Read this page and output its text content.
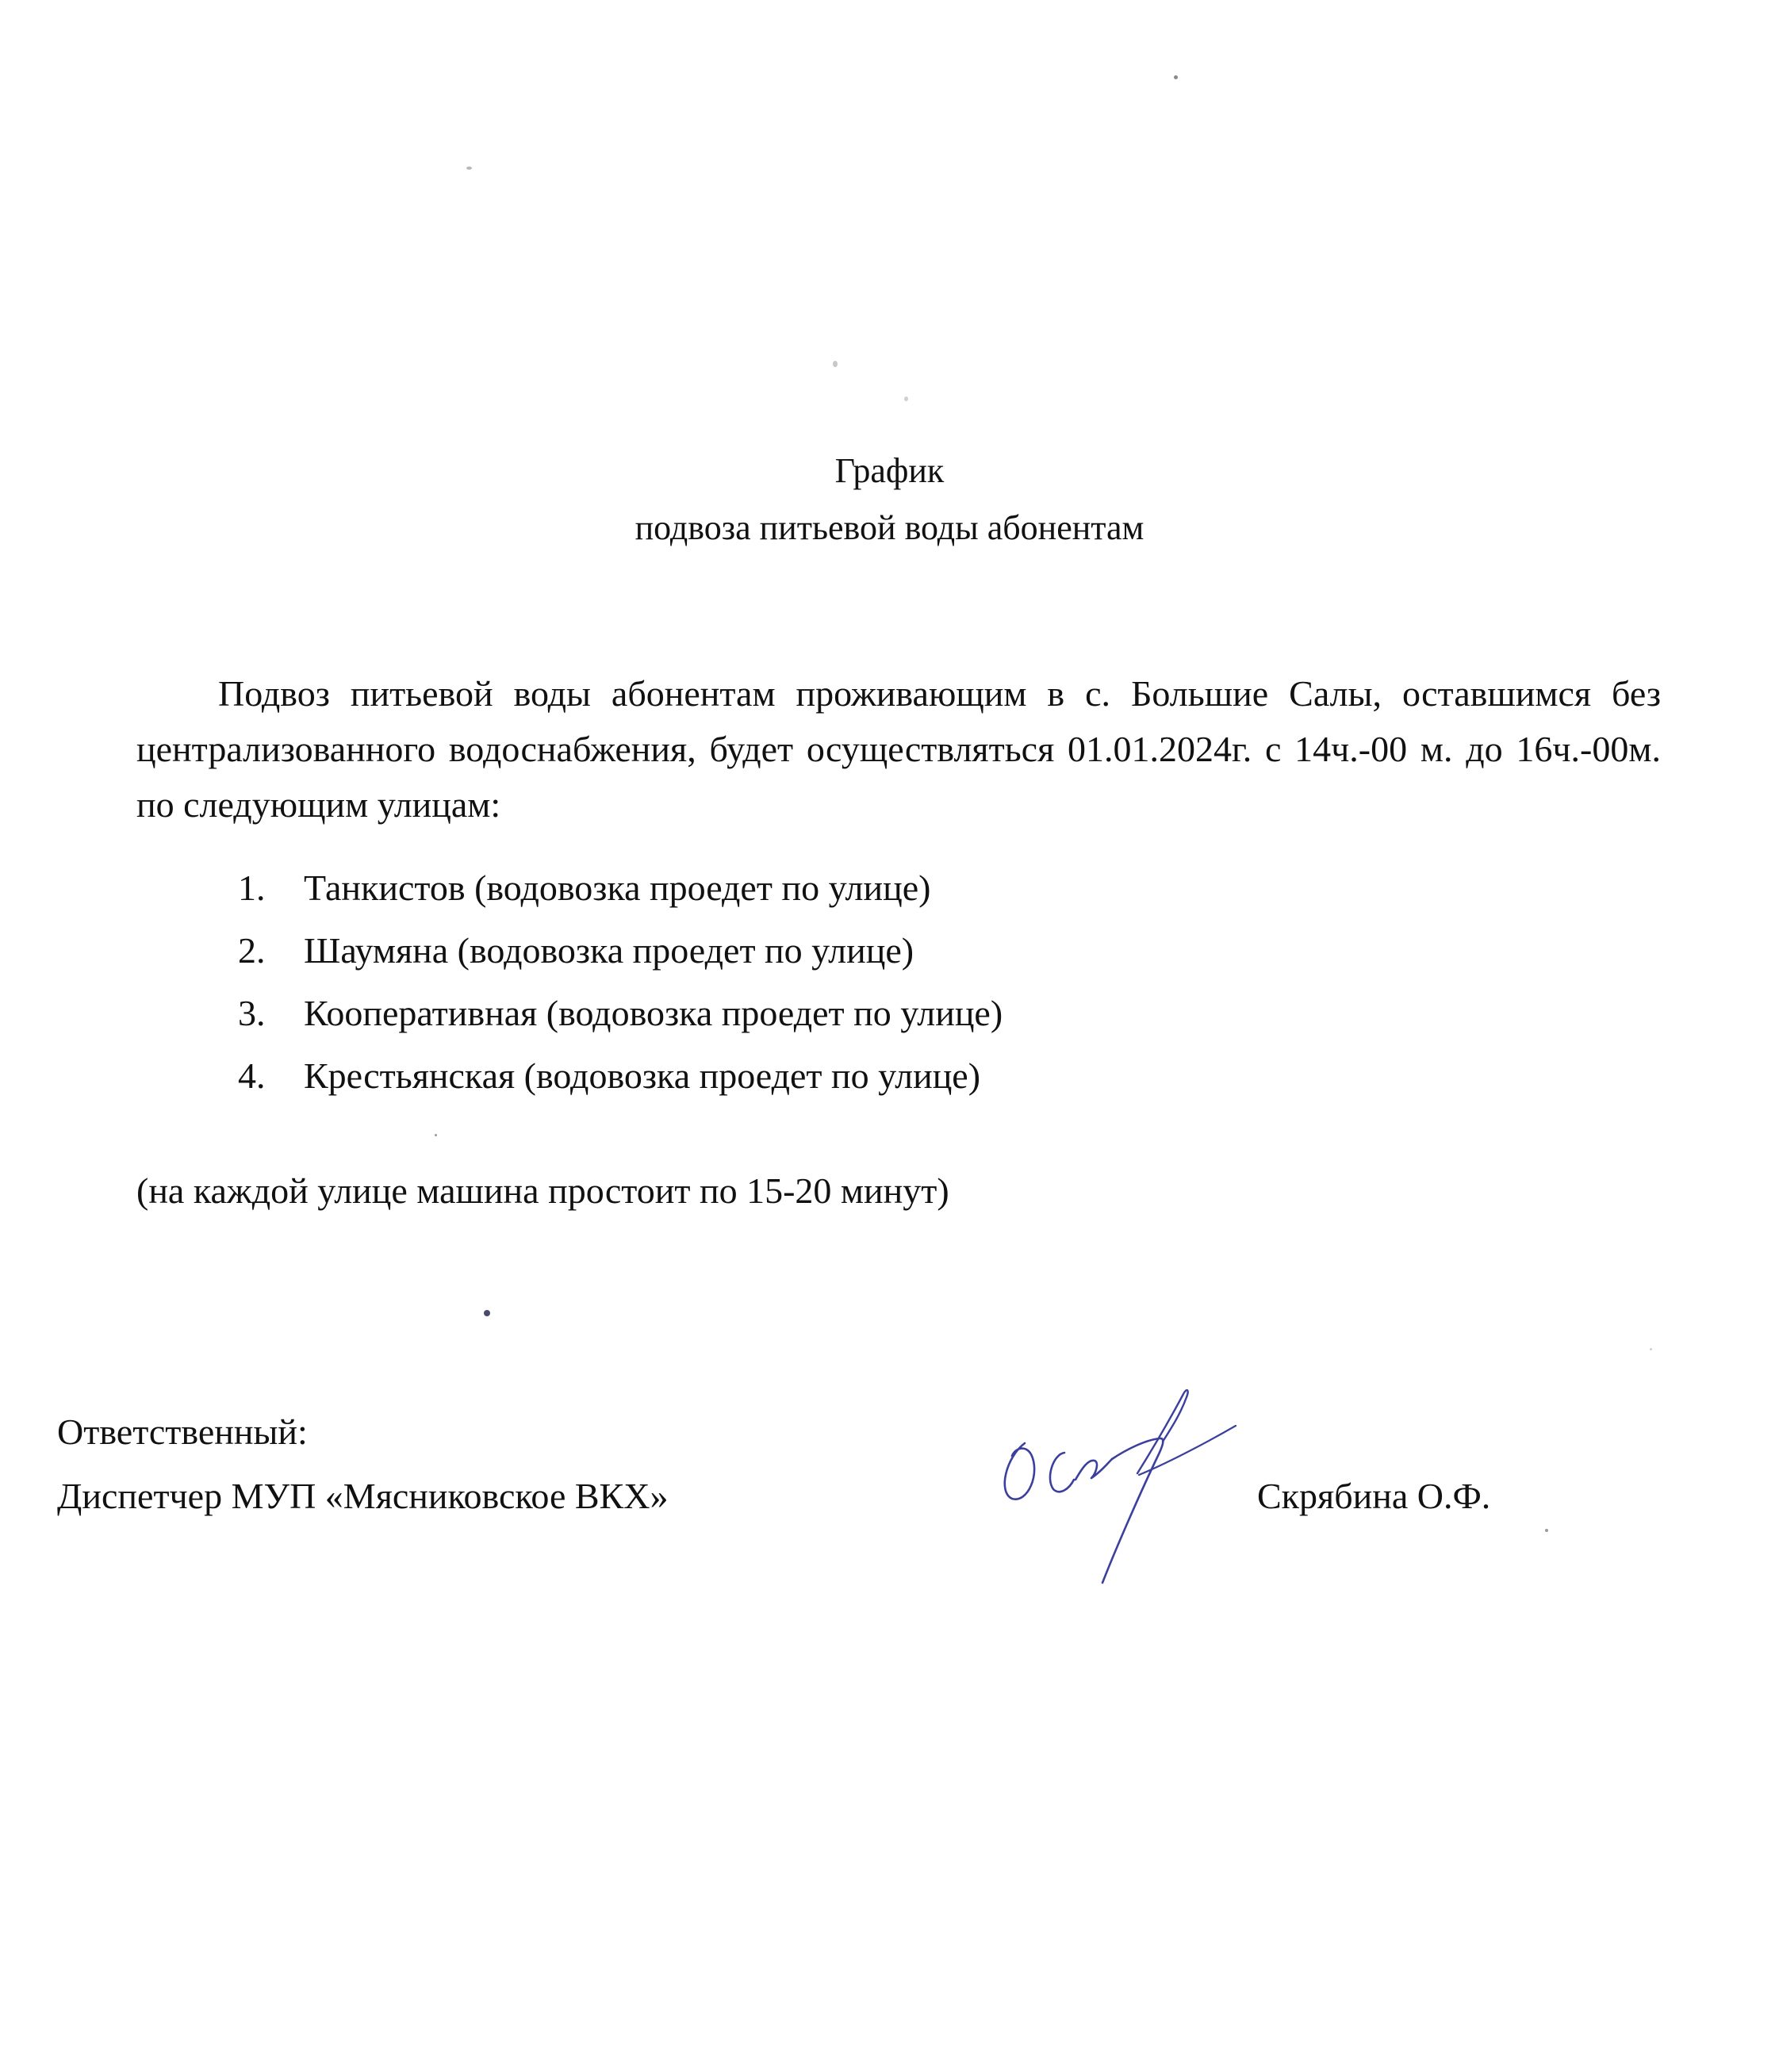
График
подвоза питьевой воды абонентам
Подвоз питьевой воды абонентам проживающим в с. Большие Салы, оставшимся без централизованного водоснабжения, будет осуществляться 01.01.2024г. с 14ч.-00 м. до 16ч.-00м. по следующим улицам:
1. Танкистов (водовозка проедет по улице)
2. Шаумяна (водовозка проедет по улице)
3. Кооперативная (водовозка проедет по улице)
4. Крестьянская (водовозка проедет по улице)
(на каждой улице машина простоит по 15-20 минут)
Ответственный:
Диспетчер МУП «Мясниковское ВКХ»	Скрябина О.Ф.
